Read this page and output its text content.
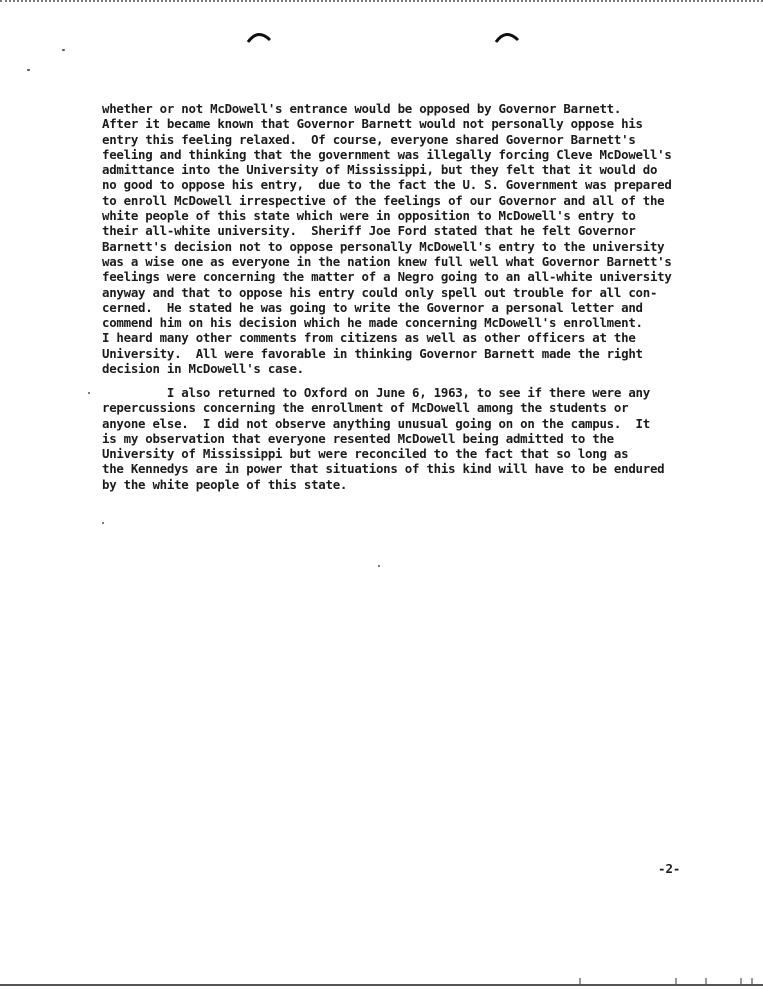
whether or not McDowell's entrance would be opposed by Governor Barnett.
After it became known that Governor Barnett would not personally oppose his
entry this feeling relaxed.  Of course, everyone shared Governor Barnett's
feeling and thinking that the government was illegally forcing Cleve McDowell's
admittance into the University of Mississippi, but they felt that it would do
no good to oppose his entry,  due to the fact the U. S. Government was prepared
to enroll McDowell irrespective of the feelings of our Governor and all of the
white people of this state which were in opposition to McDowell's entry to
their all-white university.  Sheriff Joe Ford stated that he felt Governor
Barnett's decision not to oppose personally McDowell's entry to the university
was a wise one as everyone in the nation knew full well what Governor Barnett's
feelings were concerning the matter of a Negro going to an all-white university
anyway and that to oppose his entry could only spell out trouble for all con-
cerned.  He stated he was going to write the Governor a personal letter and
commend him on his decision which he made concerning McDowell's enrollment.
I heard many other comments from citizens as well as other officers at the
University.  All were favorable in thinking Governor Barnett made the right
decision in McDowell's case.
I also returned to Oxford on June 6, 1963, to see if there were any
repercussions concerning the enrollment of McDowell among the students or
anyone else.  I did not observe anything unusual going on on the campus.  It
is my observation that everyone resented McDowell being admitted to the
University of Mississippi but were reconciled to the fact that so long as
the Kennedys are in power that situations of this kind will have to be endured
by the white people of this state.
-2-
